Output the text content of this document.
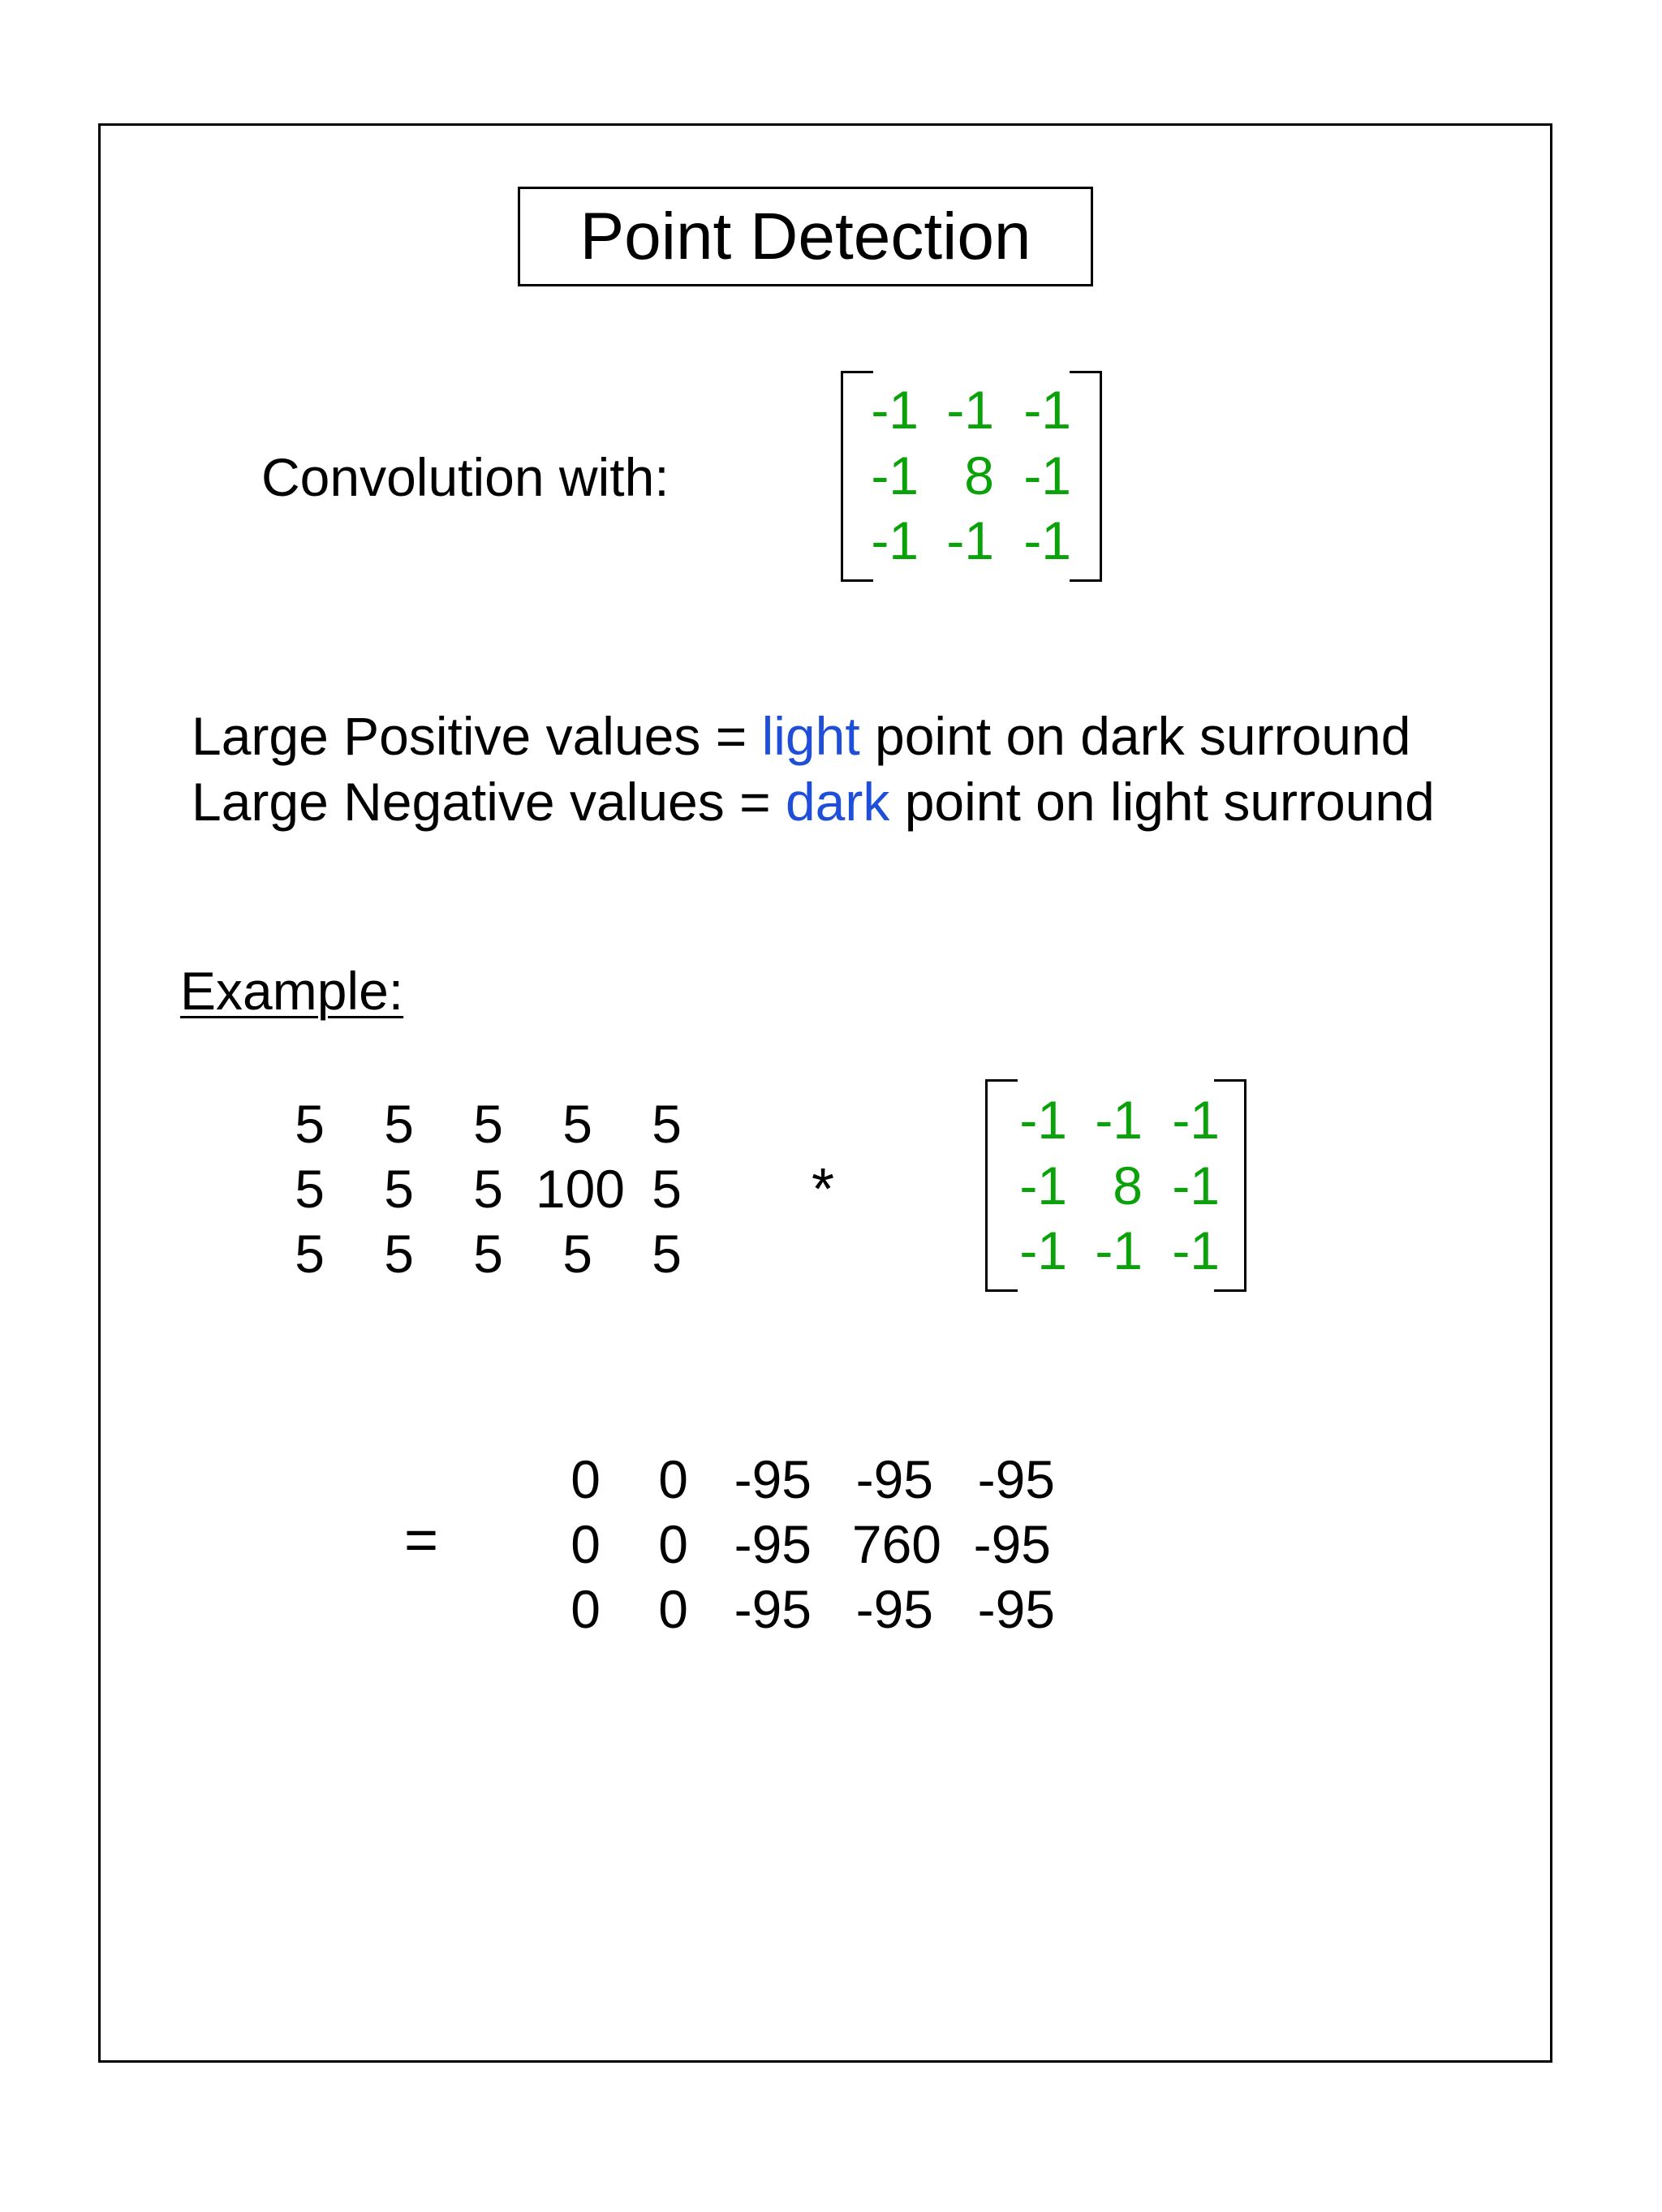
Point Detection
Convolution with:
-1 -1 -1
-1 8 -1
-1 -1 -1
Large Positive values = light point on dark surround
Large Negative values = dark point on light surround
Example:
5	5	5	5	5
5	5	5 100 5
5	5	5	5	5
*
-1 -1 -1
-1 8 -1
-1 -1 -1
=
0	0 -95 -95 -95
0	0 -95 760 -95
0	0 -95 -95 -95
